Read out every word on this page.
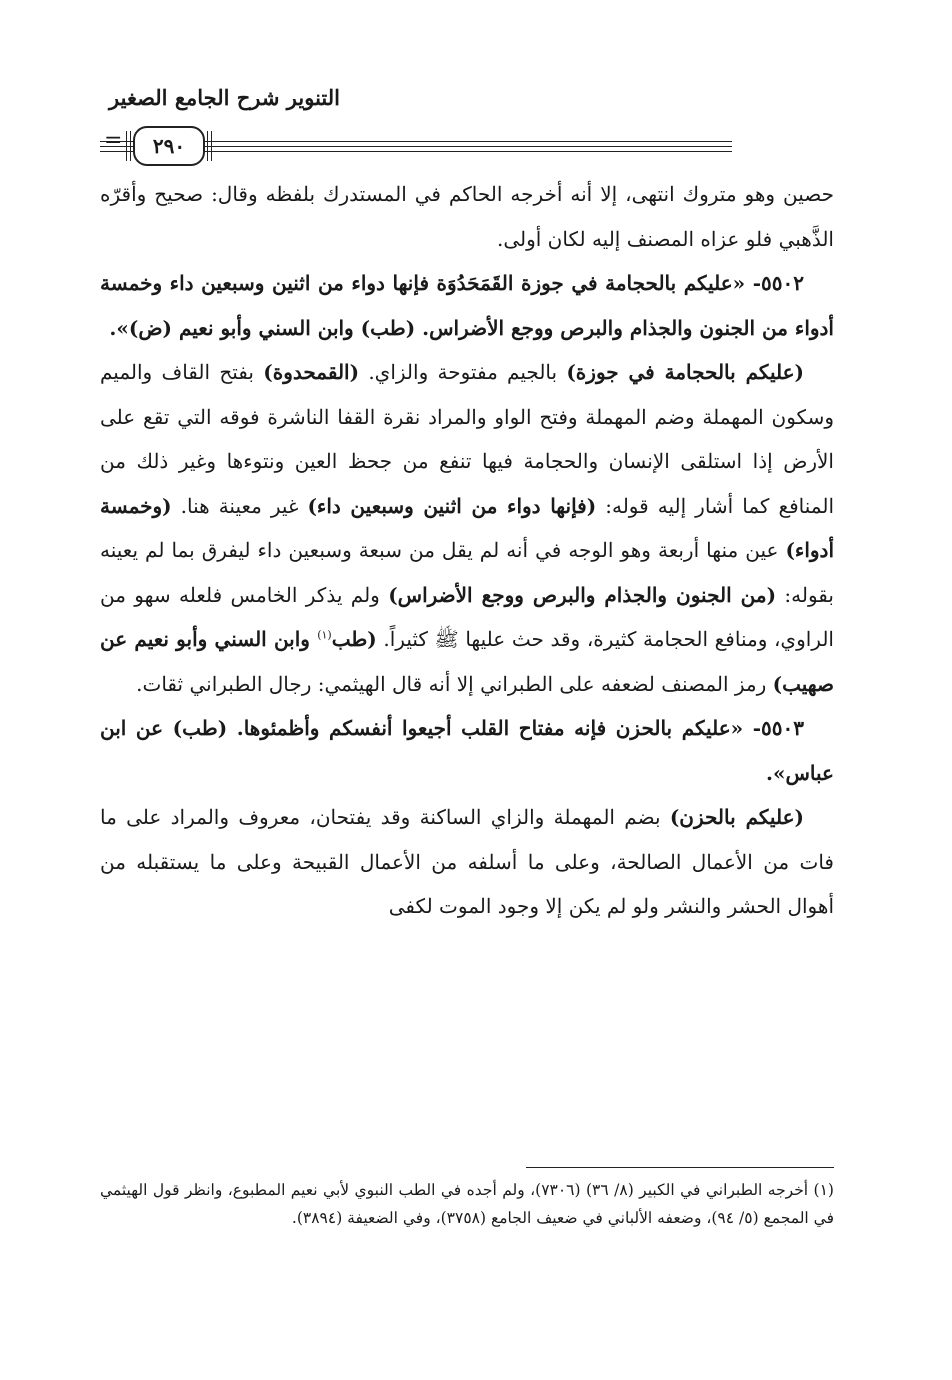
التنوير شرح الجامع الصغير
٢٩٠
=

حصين وهو متروك انتهى، إلا أنه أخرجه الحاكم في المستدرك بلفظه وقال: صحيح وأقرّه الذَّهبي فلو عزاه المصنف إليه لكان أولى.

٥٥٠٢- «عليكم بالحجامة في جوزة القَمَحَدُوَة فإنها دواء من اثنين وسبعين داء وخمسة أدواء من الجنون والجذام والبرص ووجع الأضراس. (طب) وابن السني وأبو نعيم (ض)».

(عليكم بالحجامة في جوزة) بالجيم مفتوحة والزاي. (القمحدوة) بفتح القاف والميم وسكون المهملة وضم المهملة وفتح الواو والمراد نقرة القفا الناشرة فوقه التي تقع على الأرض إذا استلقى الإنسان والحجامة فيها تنفع من جحظ العين ونتوءها وغير ذلك من المنافع كما أشار إليه قوله: (فإنها دواء من اثنين وسبعين داء) غير معينة هنا. (وخمسة أدواء) عين منها أربعة وهو الوجه في أنه لم يقل من سبعة وسبعين داء ليفرق بما لم يعينه بقوله: (من الجنون والجذام والبرص ووجع الأضراس) ولم يذكر الخامس فلعله سهو من الراوي، ومنافع الحجامة كثيرة، وقد حث عليها ﷺ كثيراً. (طب$^{(١)}$ وابن السني وأبو نعيم عن صهيب) رمز المصنف لضعفه على الطبراني إلا أنه قال الهيثمي: رجال الطبراني ثقات.

٥٥٠٣- «عليكم بالحزن فإنه مفتاح القلب أجيعوا أنفسكم وأظمئوها. (طب) عن ابن عباس».

(عليكم بالحزن) بضم المهملة والزاي الساكنة وقد يفتحان، معروف والمراد على ما فات من الأعمال الصالحة، وعلى ما أسلفه من الأعمال القبيحة وعلى ما يستقبله من أهوال الحشر والنشر ولو لم يكن إلا وجود الموت لكفى

(١) أخرجه الطبراني في الكبير (٨/ ٣٦) (٧٣٠٦)، ولم أجده في الطب النبوي لأبي نعيم المطبوع، وانظر قول الهيثمي في المجمع (٥/ ٩٤)، وضعفه الألباني في ضعيف الجامع (٣٧٥٨)، وفي الضعيفة (٣٨٩٤).
